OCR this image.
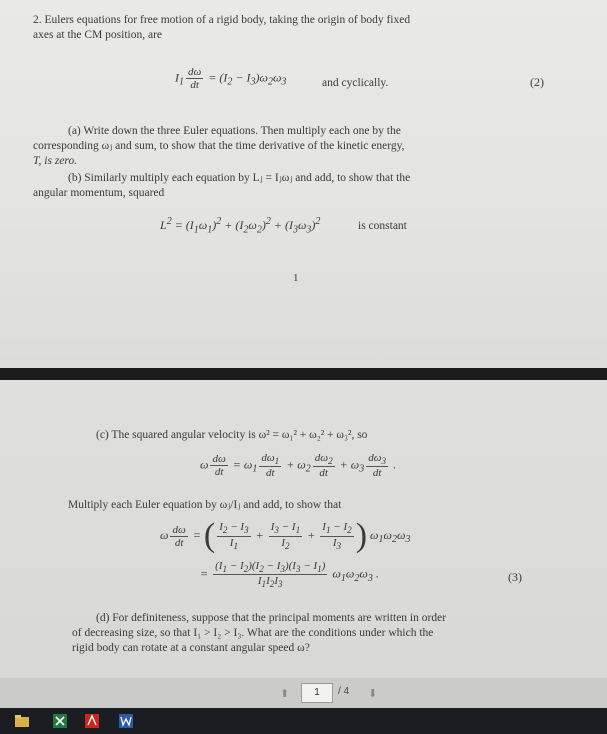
2. Eulers equations for free motion of a rigid body, taking the origin of body fixed
axes at the CM position, are
$I_1 \frac{d\omega}{dt} = (I_2 - I_3)\omega_2\omega_3$	and cyclically.	(2)
(a) Write down the three Euler equations. Then multiply each one by the
corresponding ωⱼ and sum, to show that the time derivative of the kinetic energy,
T, is zero.
(b) Similarly multiply each equation by Lⱼ = Iⱼωⱼ and add, to show that the
angular momentum, squared
$L^2 = (I_1\omega_1)^2 + (I_2\omega_2)^2 + (I_3\omega_3)^2$	is constant
1
(c) The squared angular velocity is ω² = ω₁² + ω₂² + ω₃², so
ω $\frac{d\omega}{dt} = \omega_1 \frac{d\omega_1}{dt} + \omega_2 \frac{d\omega_2}{dt} + \omega_3 \frac{d\omega_3}{dt}$ .
Multiply each Euler equation by ωⱼ/Iⱼ and add, to show that
ω $\frac{d\omega}{dt}$ = ( $\frac{I_2 - I_3}{I_1} + \frac{I_3 - I_1}{I_2} + \frac{I_1 - I_2}{I_3}$ ) $\omega_1\omega_2\omega_3$
= $\frac{(I_1 - I_2)(I_2 - I_3)(I_3 - I_1)}{I_1I_2I_3} \omega_1\omega_2\omega_3$ .	(3)
(d) For definiteness, suppose that the principal moments are written in order
of decreasing size, so that I₁ > I₂ > I₃. What are the conditions under which the
rigid body can rotate at a constant angular speed ω?
⬆	⬇
1	/ 4
